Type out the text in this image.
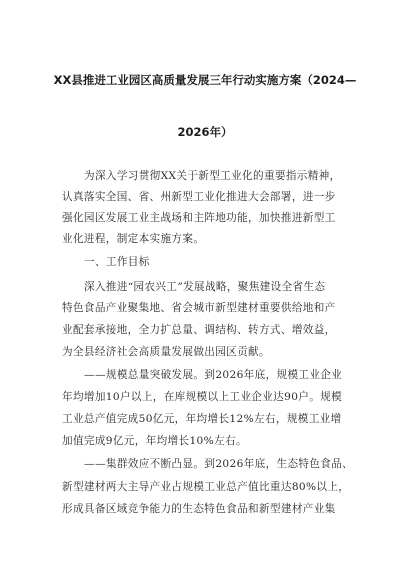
XX县推进工业园区高质量发展三年行动实施方案（2024—
2026年）
为深入学习贯彻XX关于新型工业化的重要指示精神，
认真落实全国、省、州新型工业化推进大会部署，进一步
强化园区发展工业主战场和主阵地功能，加快推进新型工
业化进程，制定本实施方案。
一、工作目标
深入推进“园农兴工”发展战略，聚焦建设全省生态
特色食品产业聚集地、省会城市新型建材重要供给地和产
业配套承接地，全力扩总量、调结构、转方式、增效益，
为全县经济社会高质量发展做出园区贡献。
——规模总量突破发展。到2026年底，规模工业企业
年均增加10户以上，在库规模以上工业企业达90户。规模
工业总产值完成50亿元，年均增长12%左右，规模工业增
加值完成9亿元，年均增长10%左右。
——集群效应不断凸显。到2026年底，生态特色食品、
新型建材两大主导产业占规模工业总产值比重达80%以上，
形成具备区域竞争能力的生态特色食品和新型建材产业集
